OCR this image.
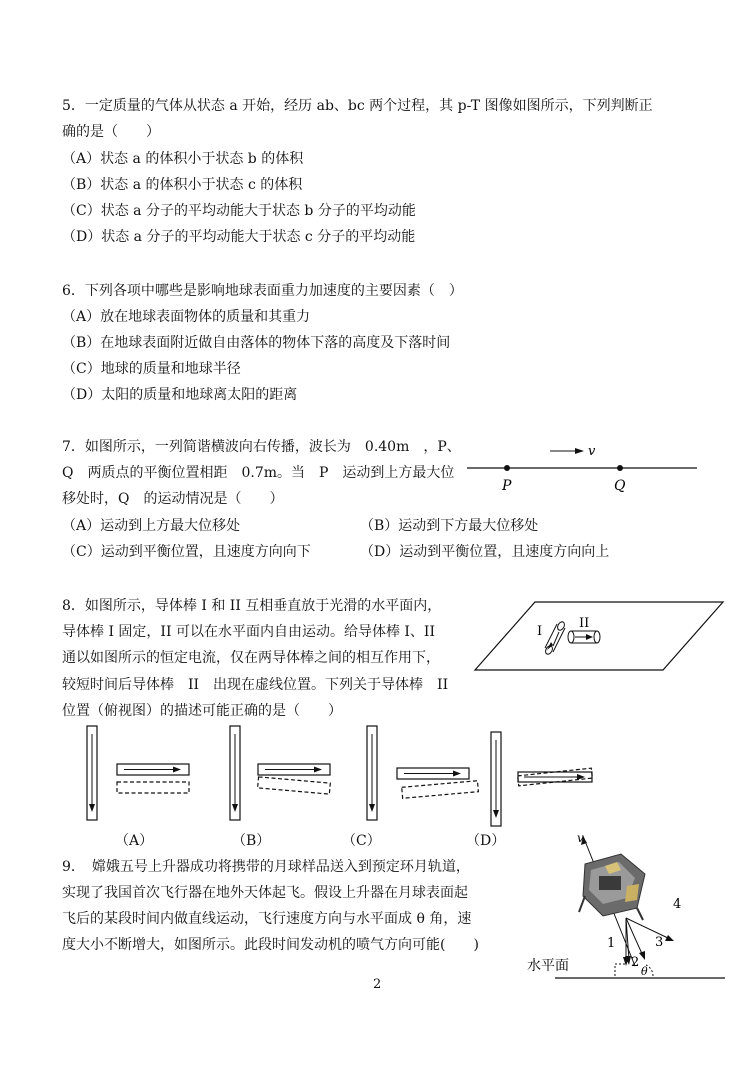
5．一定质量的气体从状态 a 开始，经历 ab、bc 两个过程，其 p-T 图像如图所示，下列判断正
确的是（　　）
（A）状态 a 的体积小于状态 b 的体积
（B）状态 a 的体积小于状态 c 的体积
（C）状态 a 分子的平均动能大于状态 b 分子的平均动能
（D）状态 a 分子的平均动能大于状态 c 分子的平均动能
6．下列各项中哪些是影响地球表面重力加速度的主要因素（　）
（A）放在地球表面物体的质量和其重力
（B）在地球表面附近做自由落体的物体下落的高度及下落时间
（C）地球的质量和地球半径
（D）太阳的质量和地球离太阳的距离
7．如图所示，一列简谐横波向右传播，波长为　0.40m　，P、
Q　两质点的平衡位置相距　0.7m。当　P　运动到上方最大位
移处时，Q　的运动情况是（　　）
（A）运动到上方最大位移处	（B）运动到下方最大位移处
（C）运动到平衡位置，且速度方向向下	（D）运动到平衡位置，且速度方向向上
v
P	Q
8．如图所示，导体棒 I 和 II 互相垂直放于光滑的水平面内，
导体棒 I 固定，II 可以在水平面内自由运动。给导体棒 I、II
通以如图所示的恒定电流，仅在两导体棒之间的相互作用下，
较短时间后导体棒　II　出现在虚线位置。下列关于导体棒　II
位置（俯视图）的描述可能正确的是（　　）
I
II
（A）	（B）	（C）	（D）
9．　嫦娥五号上升器成功将携带的月球样品送入到预定环月轨道，
实现了我国首次飞行器在地外天体起飞。假设上升器在月球表面起
飞后的某段时间内做直线运动，飞行速度方向与水平面成 θ 角，速
度大小不断增大，如图所示。此段时间发动机的喷气方向可能(　　)
v
1
2
3
4
θ
水平面
2
